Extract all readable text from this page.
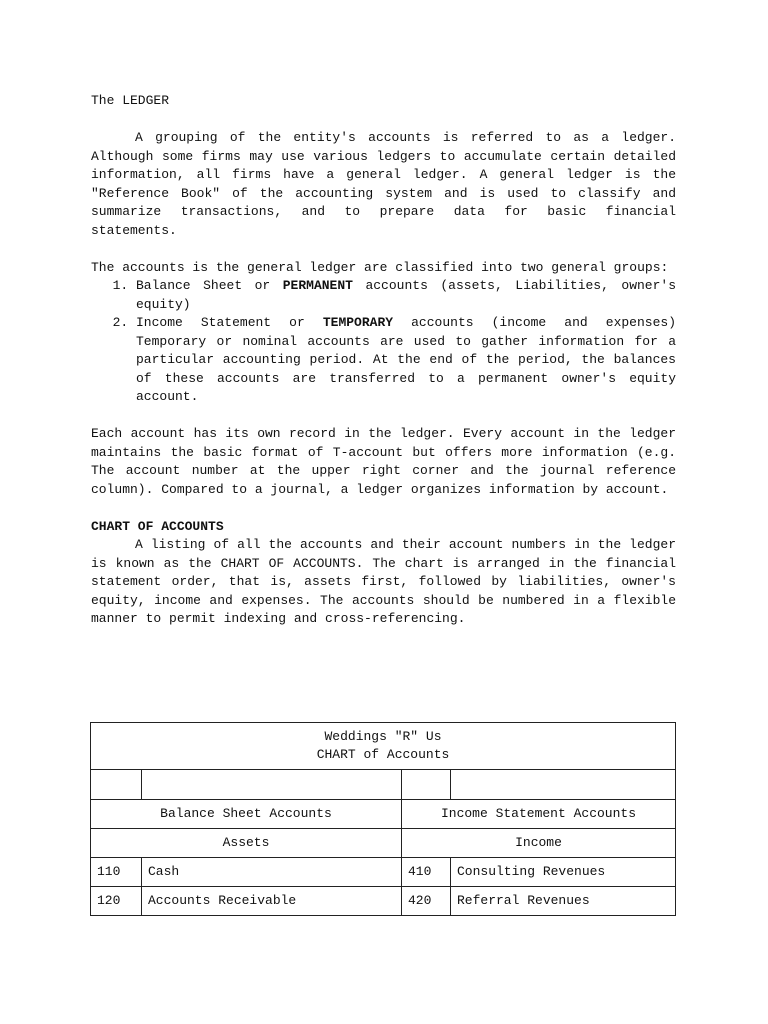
The LEDGER

A grouping of the entity's accounts is referred to as a ledger. Although some firms may use various ledgers to accumulate certain detailed information, all firms have a general ledger. A general ledger is the "Reference Book" of the accounting system and is used to classify and summarize transactions, and to prepare data for basic financial statements.

The accounts is the general ledger are classified into two general groups:

1. Balance Sheet or PERMANENT accounts (assets, Liabilities, owner's equity)
2. Income Statement or TEMPORARY accounts (income and expenses) Temporary or nominal accounts are used to gather information for a particular accounting period. At the end of the period, the balances of these accounts are transferred to a permanent owner's equity account.

Each account has its own record in the ledger. Every account in the ledger maintains the basic format of T-account but offers more information (e.g. The account number at the upper right corner and the journal reference column). Compared to a journal, a ledger organizes information by account.

CHART OF ACCOUNTS

A listing of all the accounts and their account numbers in the ledger is known as the CHART OF ACCOUNTS. The chart is arranged in the financial statement order, that is, assets first, followed by liabilities, owner's equity, income and expenses. The accounts should be numbered in a flexible manner to permit indexing and cross-referencing.

Weddings "R" Us
CHART of Accounts			

Balance Sheet Accounts		Income Statement Accounts	
Assets		Income	
110	Cash	410	Consulting Revenues
120	Accounts Receivable	420	Referral Revenues
